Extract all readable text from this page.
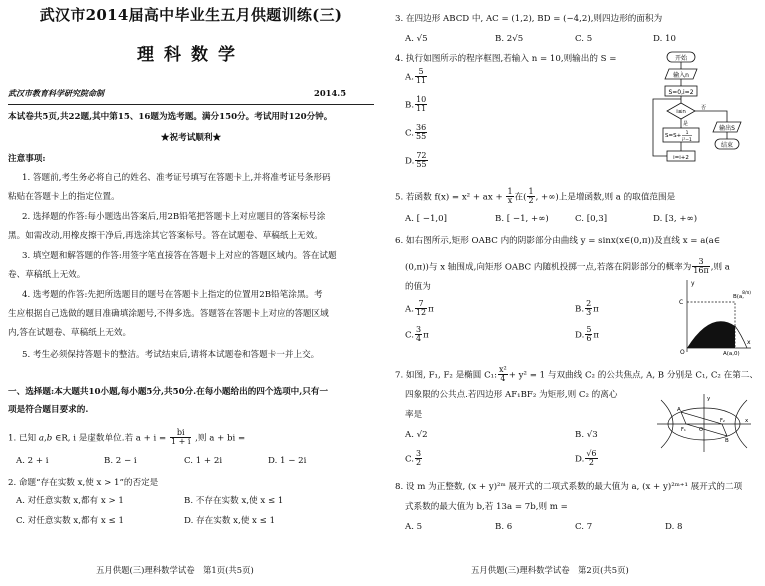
武汉市2014届高中毕业生五月供题训练(三)
理科数学
武汉市教育科学研究院命制	2014.5
本试卷共5页,共22题,其中第15、16题为选考题。满分150分。考试用时120分钟。
★祝考试顺利★
注意事项:
1. 答题前,考生务必将自己的姓名、准考证号填写在答题卡上,并将准考证号条形码
粘贴在答题卡上的指定位置。
2. 选择题的作答:每小题选出答案后,用2B铅笔把答题卡上对应题目的答案标号涂
黑。如需改动,用橡皮擦干净后,再选涂其它答案标号。答在试题卷、草稿纸上无效。
3. 填空题和解答题的作答:用签字笔直接答在答题卡上对应的答题区域内。答在试题
卷、草稿纸上无效。
4. 选考题的作答:先把所选题目的题号在答题卡上指定的位置用2B铅笔涂黑。考
生应根据自己选做的题目准确填涂题号,不得多选。答题答在答题卡上对应的答题区域
内,答在试题卷、草稿纸上无效。
5. 考生必须保持答题卡的整洁。考试结束后,请将本试题卷和答题卡一并上交。
一、选择题:本大题共10小题,每小题5分,共50分.在每小题给出的四个选项中,只有一
项是符合题目要求的.
1. 已知 a,b ∈R, i 是虚数单位.若 $a + i = \frac{bi}{1 + i}$ ,则 a + bi =
A. 2 + i	B. 2 − i	C. 1 + 2i	D. 1 − 2i
2. 命题“存在实数 x,使 x > 1”的否定是
A. 对任意实数 x,都有 x > 1	B. 不存在实数 x,使 x ≤ 1
C. 对任意实数 x,都有 x ≤ 1	D. 存在实数 x,使 x ≤ 1
五月供题(三)理科数学试卷　第1页(共5页)
3. 在四边形 ABCD 中, AC = (1,2), BD = (−4,2),则四边形的面积为
A. √5	B. 2√5	C. 5	D. 10
4. 执行如图所示的程序框图,若输入 n = 10,则输出的 S =
A. $\frac{5}{11}$
B. $\frac{10}{11}$
C. $\frac{36}{55}$
D. $\frac{72}{55}$
开始
输入n
S=0,i=2
i≤n
是
否
S=S+ 1
i²−1
i=i+2
输出S
结束
5. 若函数 f(x) = x² + ax + $\frac{1}{x}$ 在( $\frac{1}{2}$ , +∞)上是增函数,则 a 的取值范围是
A. [ −1,0]	B. [ −1, +∞)	C. [0,3]	D. [3, +∞)
6. 如右图所示,矩形 OABC 内的阴影部分由曲线 y = sinx(x∈(0,π))及直线 x = a(a∈
(0,π))与 x 轴围成,向矩形 OABC 内随机投掷一点,若落在阴影部分的概率为 $\frac{3}{16\pi}$ ,则 a
的值为
A. $\frac{7}{12}$ π	B. $\frac{2}{3}$ π
C. $\frac{3}{4}$ π	D. $\frac{5}{6}$ π
y
x
O
C
B(a,
8/π)
A(a,0)
7. 如图, F₁, F₂ 是椭圆 C₁: $\frac{\text{x²}}{4} + y^2 = 1$ 与双曲线 C₂ 的公共焦点, A, B 分别是 C₁, C₂ 在第二、
四象限的公共点.若四边形 AF₁BF₂ 为矩形,则 C₂ 的离心
率是
A. √2	B. √3
C. $\frac{3}{2}$	D. $\frac{√6}{2}$
y
A
B
F₁
F₂
O
x
8. 设 m 为正整数, (x + y)²ᵐ 展开式的二项式系数的最大值为 a, (x + y)²ᵐ⁺¹ 展开式的二项
式系数的最大值为 b,若 13a = 7b,则 m =
A. 5	B. 6	C. 7	D. 8
五月供题(三)理科数学试卷　第2页(共5页)
